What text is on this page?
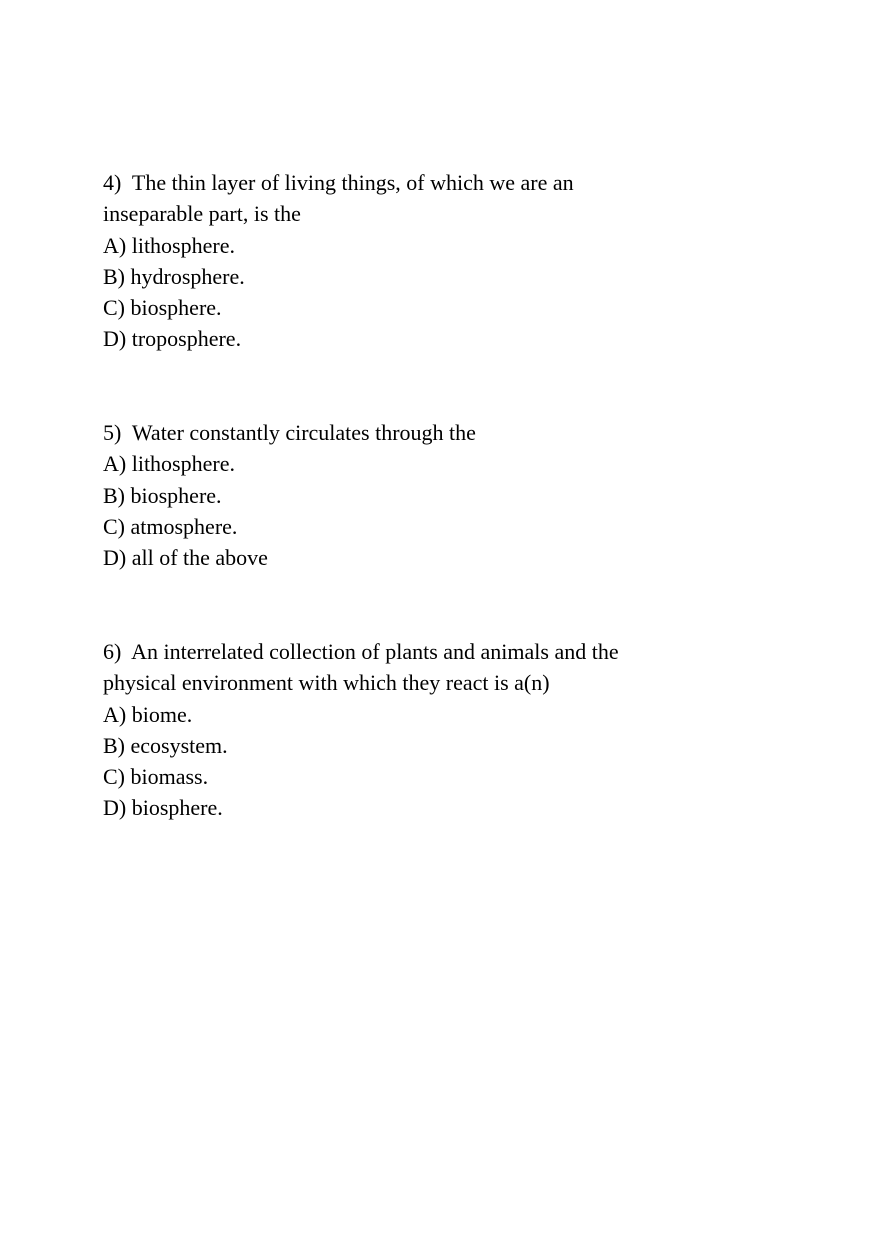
4)  The thin layer of living things, of which we are an
inseparable part, is the
A) lithosphere.
B) hydrosphere.
C) biosphere.
D) troposphere.
5)  Water constantly circulates through the
A) lithosphere.
B) biosphere.
C) atmosphere.
D) all of the above
6)  An interrelated collection of plants and animals and the
physical environment with which they react is a(n)
A) biome.
B) ecosystem.
C) biomass.
D) biosphere.
